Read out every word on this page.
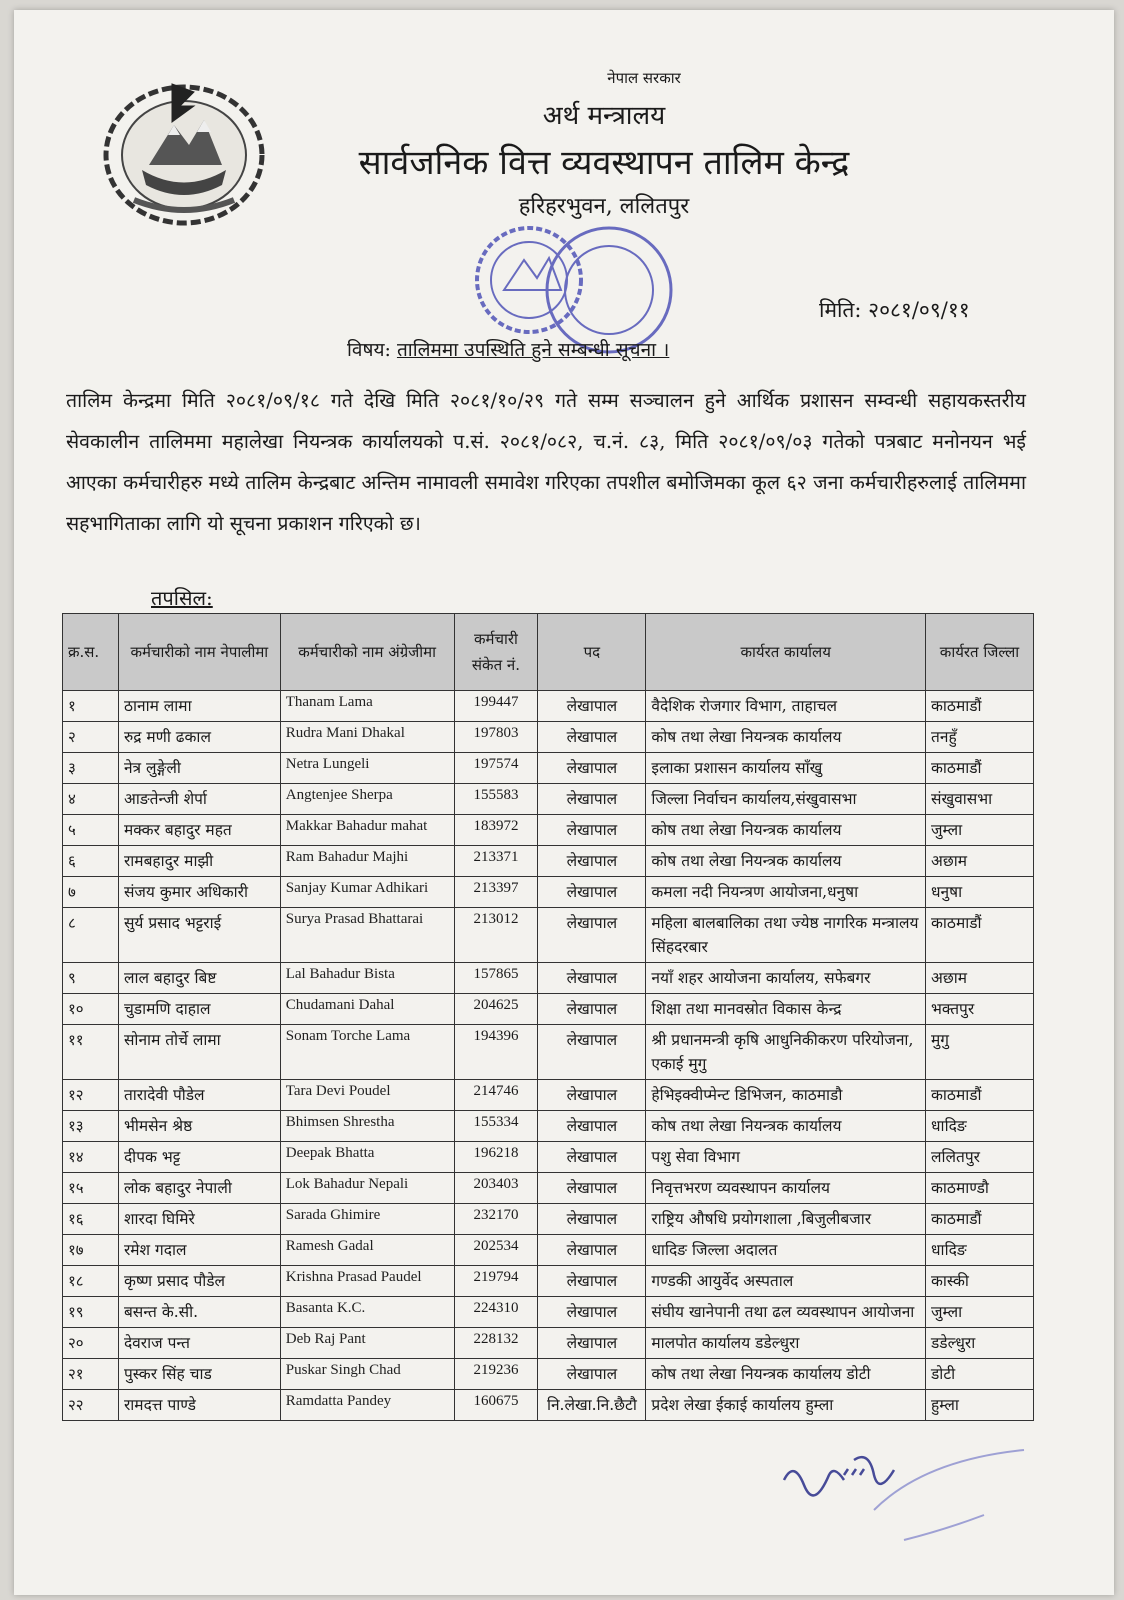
नेपाल सरकार
अर्थ मन्त्रालय
सार्वजनिक वित्त व्यवस्थापन तालिम केन्द्र
हरिहरभुवन, ललितपुर
मिति: २०८१/०९/११
विषय: तालिममा उपस्थिति हुने सम्बन्धी सूचना ।
तालिम केन्द्रमा मिति २०८१/०९/१८ गते देखि मिति २०८१/१०/२९ गते सम्म सञ्चालन हुने आर्थिक प्रशासन सम्वन्धी सहायकस्तरीय सेवकालीन तालिममा महालेखा नियन्त्रक कार्यालयको प.सं. २०८१/०८२, च.नं. ८३, मिति २०८१/०९/०३ गतेको पत्रबाट मनोनयन भई आएका कर्मचारीहरु मध्ये तालिम केन्द्रबाट अन्तिम नामावली समावेश गरिएका तपशील बमोजिमका कूल ६२ जना कर्मचारीहरुलाई तालिममा सहभागिताका लागि यो सूचना प्रकाशन गरिएको छ।
तपसिल:
क्र.स.	कर्मचारीको नाम नेपालीमा	कर्मचारीको नाम अंग्रेजीमा	कर्मचारी संकेत नं.	पद	कार्यरत कार्यालय	कार्यरत जिल्ला
१	ठानाम लामा	Thanam Lama	199447	लेखापाल	वैदेशिक रोजगार विभाग, ताहाचल	काठमाडौं
२	रुद्र मणी ढकाल	Rudra Mani Dhakal	197803	लेखापाल	कोष तथा लेखा नियन्त्रक कार्यालय	तनहुँ
३	नेत्र लुङ्गेली	Netra Lungeli	197574	लेखापाल	इलाका प्रशासन कार्यालय साँखु	काठमाडौं
४	आङतेन्जी शेर्पा	Angtenjee Sherpa	155583	लेखापाल	जिल्ला निर्वाचन कार्यालय,संखुवासभा	संखुवासभा
५	मक्कर बहादुर महत	Makkar Bahadur mahat	183972	लेखापाल	कोष तथा लेखा नियन्त्रक कार्यालय	जुम्ला
६	रामबहादुर माझी	Ram Bahadur Majhi	213371	लेखापाल	कोष तथा लेखा नियन्त्रक कार्यालय	अछाम
७	संजय कुमार अधिकारी	Sanjay Kumar Adhikari	213397	लेखापाल	कमला नदी नियन्त्रण आयोजना,धनुषा	धनुषा
८	सुर्य प्रसाद भट्टराई	Surya Prasad Bhattarai	213012	लेखापाल	महिला बालबालिका तथा ज्येष्ठ नागरिक मन्त्रालय सिंहदरबार	काठमाडौं
९	लाल बहादुर बिष्ट	Lal Bahadur Bista	157865	लेखापाल	नयाँ शहर आयोजना कार्यालय, सफेबगर	अछाम
१०	चुडामणि दाहाल	Chudamani Dahal	204625	लेखापाल	शिक्षा तथा मानवस्रोत विकास केन्द्र	भक्तपुर
११	सोनाम तोर्चे लामा	Sonam Torche Lama	194396	लेखापाल	श्री प्रधानमन्त्री कृषि आधुनिकीकरण परियोजना, एकाई मुगु	मुगु
१२	तारादेवी पौडेल	Tara Devi Poudel	214746	लेखापाल	हेभिइक्वीप्मेन्ट डिभिजन, काठमाडौ	काठमाडौं
१३	भीमसेन श्रेष्ठ	Bhimsen Shrestha	155334	लेखापाल	कोष तथा लेखा नियन्त्रक कार्यालय	धादिङ
१४	दीपक भट्ट	Deepak Bhatta	196218	लेखापाल	पशु सेवा विभाग	ललितपुर
१५	लोक बहादुर नेपाली	Lok Bahadur Nepali	203403	लेखापाल	निवृत्तभरण व्यवस्थापन कार्यालय	काठमाण्डौ
१६	शारदा घिमिरे	Sarada Ghimire	232170	लेखापाल	राष्ट्रिय औषधि प्रयोगशाला ,बिजुलीबजार	काठमाडौं
१७	रमेश गदाल	Ramesh Gadal	202534	लेखापाल	धादिङ जिल्ला अदालत	धादिङ
१८	कृष्ण प्रसाद पौडेल	Krishna Prasad Paudel	219794	लेखापाल	गण्डकी आयुर्वेद अस्पताल	कास्की
१९	बसन्त के.सी.	Basanta K.C.	224310	लेखापाल	संघीय खानेपानी तथा ढल व्यवस्थापन आयोजना	जुम्ला
२०	देवराज पन्त	Deb Raj Pant	228132	लेखापाल	मालपोत कार्यालय डडेल्धुरा	डडेल्धुरा
२१	पुस्कर सिंह चाड	Puskar Singh Chad	219236	लेखापाल	कोष तथा लेखा नियन्त्रक कार्यालय डोटी	डोटी
२२	रामदत्त पाण्डे	Ramdatta Pandey	160675	नि.लेखा.नि.छैटौ	प्रदेश लेखा ईकाई कार्यालय हुम्ला	हुम्ला
